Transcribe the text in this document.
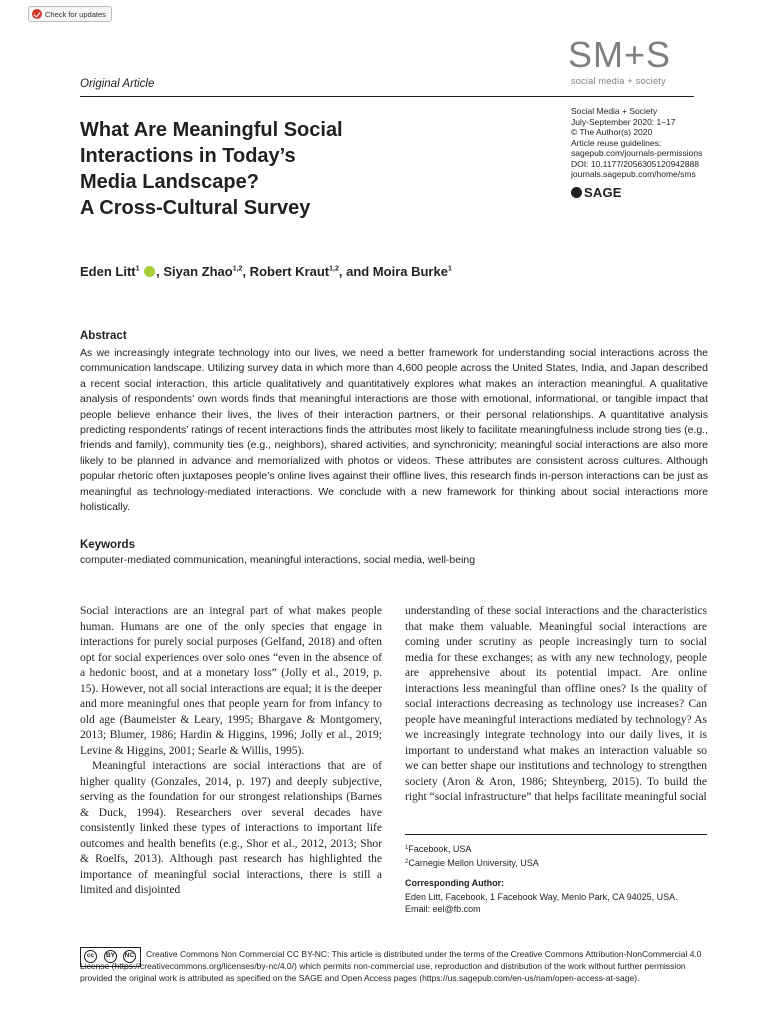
Check for updates
SM+S
social media + society
Original Article
What Are Meaningful Social
Interactions in Today’s
Media Landscape?
A Cross-Cultural Survey
Social Media + Society
July-September 2020: 1–17
© The Author(s) 2020
Article reuse guidelines:
sagepub.com/journals-permissions
DOI: 10.1177/2056305120942888
journals.sagepub.com/home/sms
SAGE
Eden Litt$^1$ , Siyan Zhao$^{1,2}$, Robert Kraut$^{1,2}$, and Moira Burke$^1$
Abstract
As we increasingly integrate technology into our lives, we need a better framework for understanding social interactions across the communication landscape. Utilizing survey data in which more than 4,600 people across the United States, India, and Japan described a recent social interaction, this article qualitatively and quantitatively explores what makes an interaction meaningful. A qualitative analysis of respondents’ own words finds that meaningful interactions are those with emotional, informational, or tangible impact that people believe enhance their lives, the lives of their interaction partners, or their personal relationships. A quantitative analysis predicting respondents’ ratings of recent interactions finds the attributes most likely to facilitate meaningfulness include strong ties (e.g., friends and family), community ties (e.g., neighbors), shared activities, and synchronicity; meaningful social interactions are also more likely to be planned in advance and memorialized with photos or videos. These attributes are consistent across cultures. Although popular rhetoric often juxtaposes people’s online lives against their offline lives, this research finds in-person interactions can be just as meaningful as technology-mediated interactions. We conclude with a new framework for thinking about social interactions more holistically.
Keywords
computer-mediated communication, meaningful interactions, social media, well-being

Social interactions are an integral part of what makes people human. Humans are one of the only species that engage in interactions for purely social purposes (Gelfand, 2018) and often opt for social experiences over solo ones “even in the absence of a hedonic boost, and at a monetary loss” (Jolly et al., 2019, p. 15). However, not all social interactions are equal; it is the deeper and more meaningful ones that people yearn for from infancy to old age (Baumeister & Leary, 1995; Bhargave & Montgomery, 2013; Blumer, 1986; Hardin & Higgins, 1996; Jolly et al., 2019; Levine & Higgins, 2001; Searle & Willis, 1995).

Meaningful interactions are social interactions that are of higher quality (Gonzales, 2014, p. 197) and deeply subjective, serving as the foundation for our strongest relationships (Barnes & Duck, 1994). Researchers over several decades have consistently linked these types of interactions to important life outcomes and health benefits (e.g., Shor et al., 2012, 2013; Shor & Roelfs, 2013). Although past research has highlighted the importance of meaningful social interactions, there is still a limited and disjointed

understanding of these social interactions and the characteristics that make them valuable. Meaningful social interactions are coming under scrutiny as people increasingly turn to social media for these exchanges; as with any new technology, people are apprehensive about its potential impact. Are online interactions less meaningful than offline ones? Is the quality of social interactions decreasing as technology use increases? Can people have meaningful interactions mediated by technology? As we increasingly integrate technology into our daily lives, it is important to understand what makes an interaction valuable so we can better shape our institutions and technology to strengthen society (Aron & Aron, 1986; Shteynberg, 2015). To build the right “social infrastructure” that helps facilitate meaningful social

$^1$Facebook, USA
$^2$Carnegie Mellon University, USA
Corresponding Author:
Eden Litt, Facebook, 1 Facebook Way, Menlo Park, CA 94025, USA.
Email: eel@fb.com
cc	BY	NC	Creative Commons Non Commercial CC BY-NC: This article is distributed under the terms of the Creative Commons Attribution-NonCommercial 4.0 License (https://creativecommons.org/licenses/by-nc/4.0/) which permits non-commercial use, reproduction and distribution of the work without further permission provided the original work is attributed as specified on the SAGE and Open Access pages (https://us.sagepub.com/en-us/nam/open-access-at-sage).
